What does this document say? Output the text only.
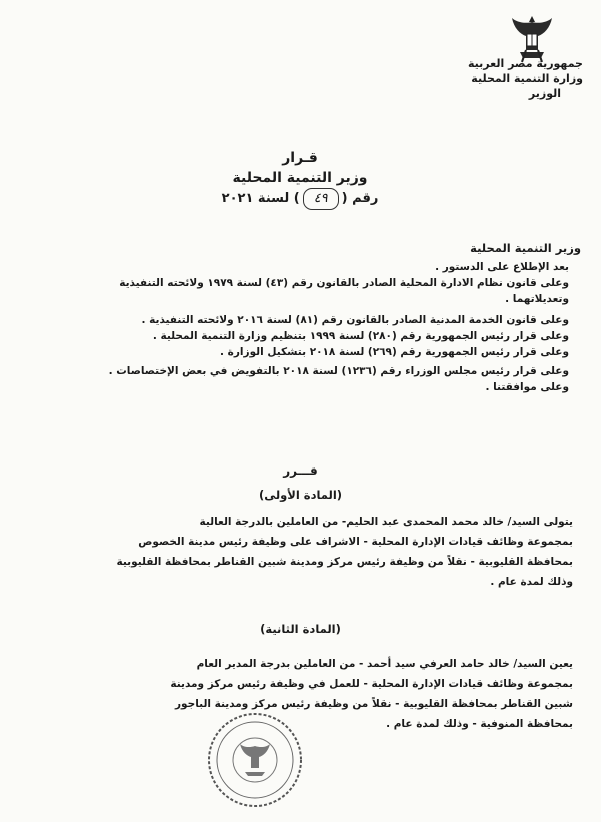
جمهورية مصر العربية
وزارة التنمية المحلية
الوزير
قـرار
وزير التنمية المحلية
رقم (٤٩) لسنة ٢٠٢١
وزير التنمية المحلية
بعد الإطلاع على الدستور .
وعلى قانون نظام الادارة المحلية الصادر بالقانون رقم (٤٣) لسنة ١٩٧٩ ولائحته التنفيذية
وتعديلاتهما .
وعلى قانون الخدمة المدنية الصادر بالقانون رقم (٨١) لسنة ٢٠١٦ ولائحته التنفيذية .
وعلى قرار رئيس الجمهورية رقم (٢٨٠) لسنة ١٩٩٩ بتنظيم وزارة التنمية المحلية .
وعلى قرار رئيس الجمهورية رقم (٢٦٩) لسنة ٢٠١٨ بتشكيل الوزارة .
وعلى قرار رئيس مجلس الوزراء رقم (١٢٣٦) لسنة ٢٠١٨ بالتفويض في بعض الإختصاصات .
وعلى موافقتنا .
قـــرر
(المادة الأولى)
يتولى السيد/ خالد محمد المحمدى عبد الحليم- من العاملين بالدرجة العالية
بمجموعة وظائف قيادات الإدارة المحلية - الاشراف على وظيفة رئيس مدينة الخصوص
بمحافظة القليوبية - نقلاً من وظيفة رئيس مركز ومدينة شبين القناطر بمحافظة القليوبية
وذلك لمدة عام .
(المادة الثانية)
يعين السيد/ خالد حامد العرفي سيد أحمد - من العاملين بدرجة المدير العام
بمجموعة وظائف قيادات الإدارة المحلية - للعمل في وظيفة رئيس مركز ومدينة
شبين القناطر بمحافظة القليوبية - نقلاً من وظيفة رئيس مركز ومدينة الباجور
بمحافظة المنوفية - وذلك لمدة عام .
